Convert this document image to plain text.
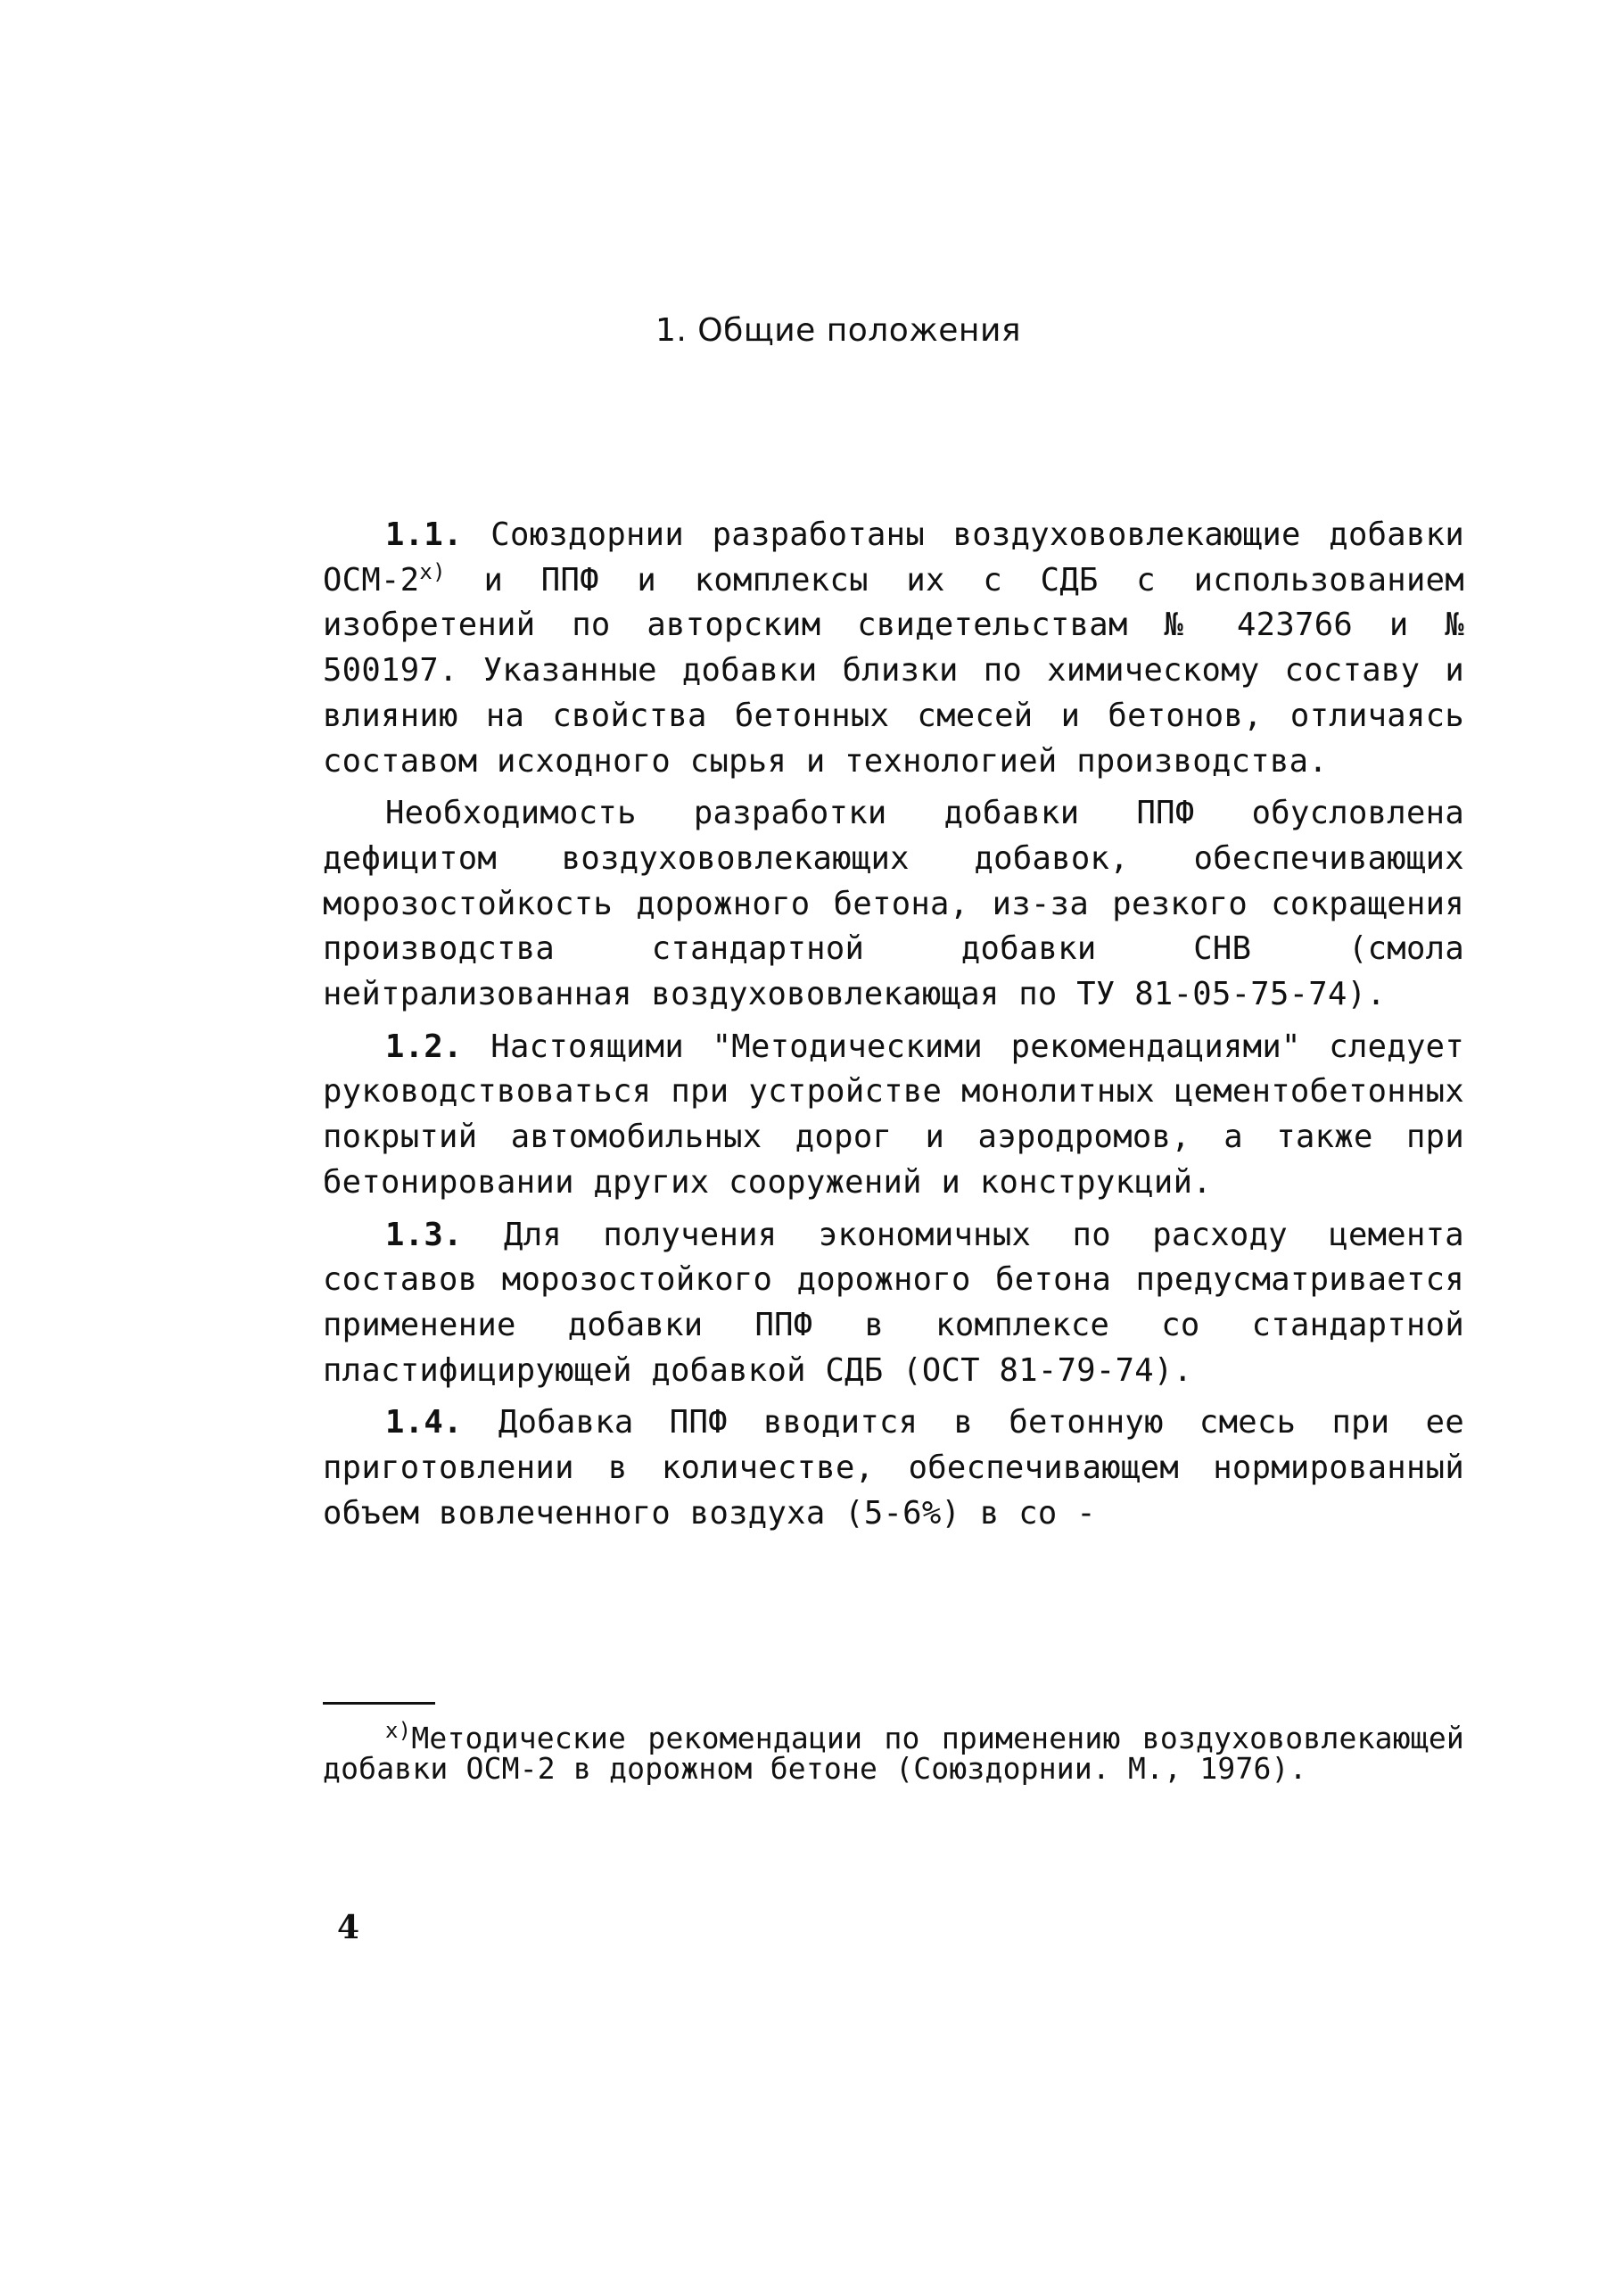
1. Общие положения

1.1. Союздорнии разработаны воздухововлекающие добавки ОСМ-2$^{x)}$ и ППФ и комплексы их с СДБ с использованием изобретений по авторским свидетельствам № 423766 и № 500197. Указанные добавки близки по химическому составу и влиянию на свойства бетонных смесей и бетонов, отличаясь составом исходного сырья и технологией производства.

Необходимость разработки добавки ППФ обусловлена дефицитом воздухововлекающих добавок, обеспечивающих морозостойкость дорожного бетона, из-за резкого сокращения производства стандартной добавки СНВ (смола нейтрализованная воздухововлекающая по ТУ 81-05-75-74).

1.2. Настоящими "Методическими рекомендациями" следует руководствоваться при устройстве монолитных цементобетонных покрытий автомобильных дорог и аэродромов, а также при бетонировании других сооружений и конструкций.

1.3. Для получения экономичных по расходу цемента составов морозостойкого дорожного бетона предусматривается применение добавки ППФ в комплексе со стандартной пластифицирующей добавкой СДБ (ОСТ 81-79-74).

1.4. Добавка ППФ вводится в бетонную смесь при ее приготовлении в количестве, обеспечивающем нормированный объем вовлеченного воздуха (5-6%) в со -

$^{x)}$Методические рекомендации по применению воздухововлекающей добавки ОСМ-2 в дорожном бетоне (Союздорнии. М., 1976).
4
